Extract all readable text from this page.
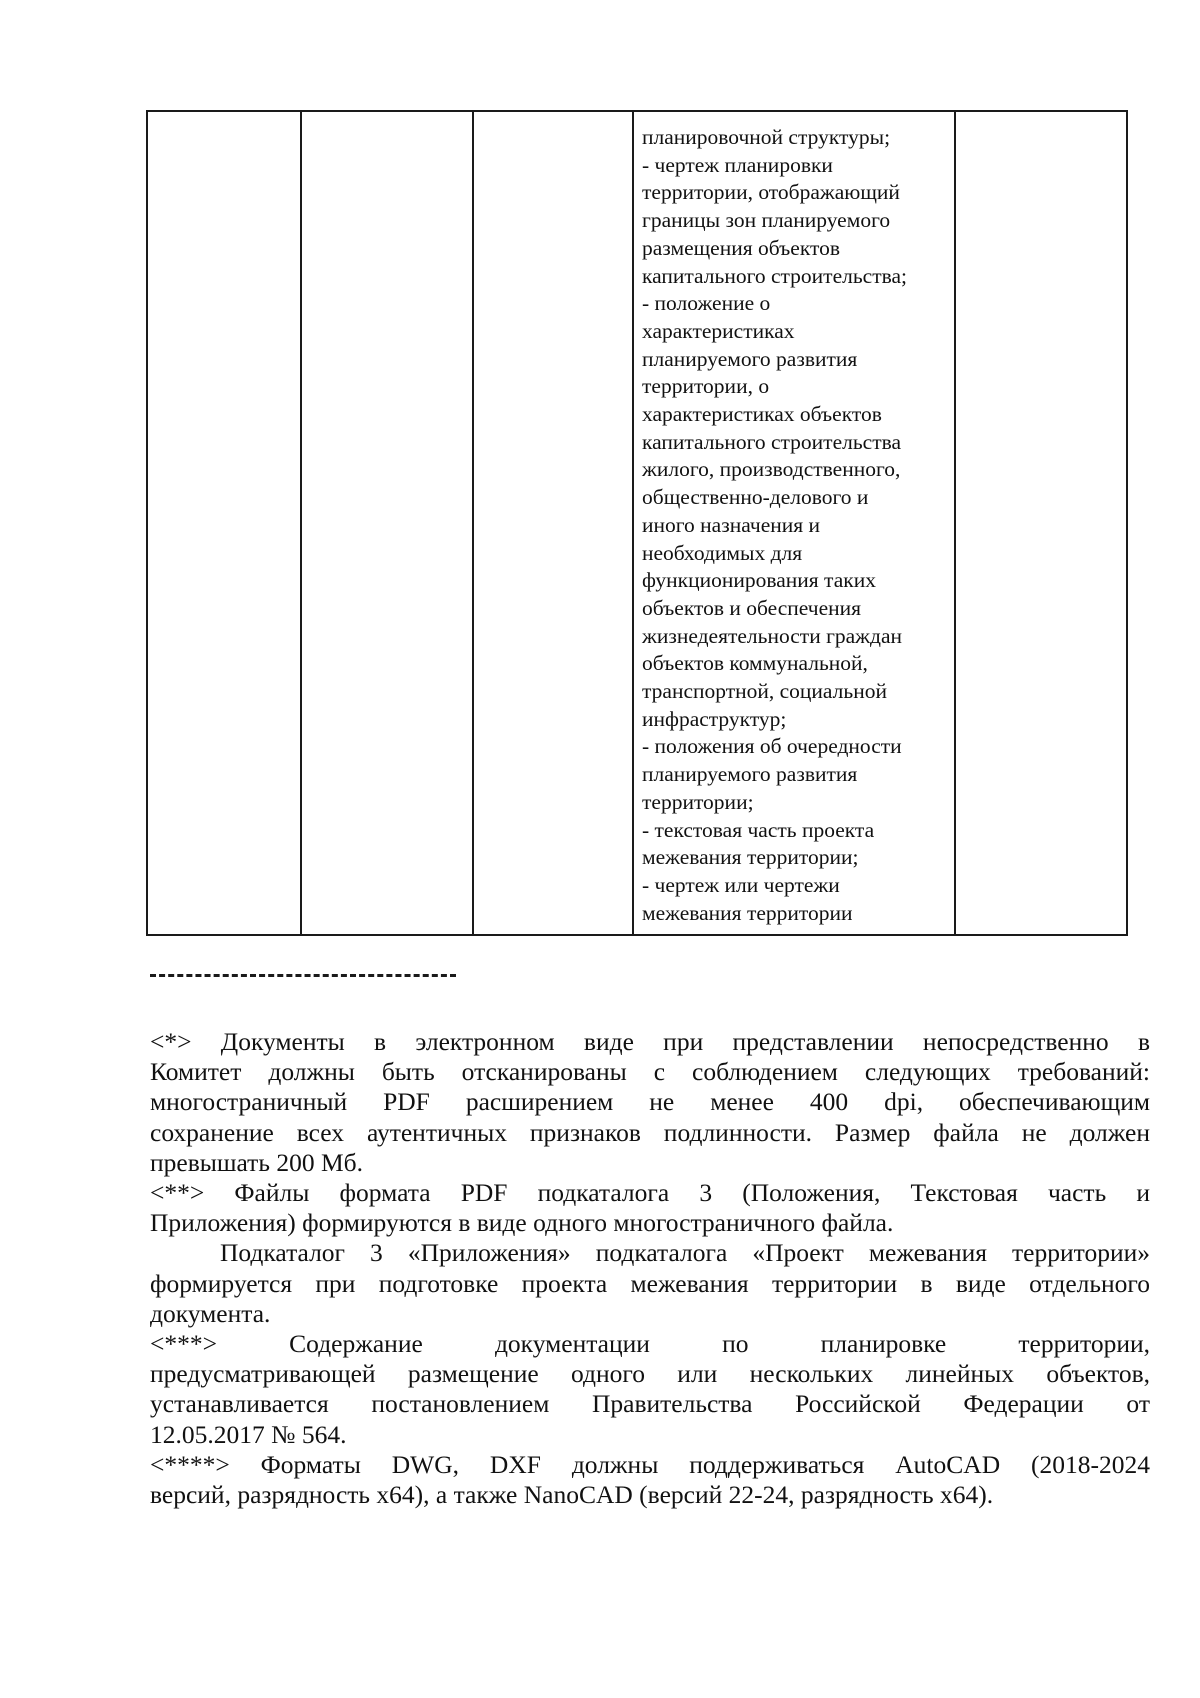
планировочной структуры;
- чертеж планировки
территории, отображающий
границы зон планируемого
размещения объектов
капитального строительства;
- положение о
характеристиках
планируемого развития
территории, о
характеристиках объектов
капитального строительства
жилого, производственного,
общественно-делового и
иного назначения и
необходимых для
функционирования таких
объектов и обеспечения
жизнедеятельности граждан
объектов коммунальной,
транспортной, социальной
инфраструктур;
- положения об очередности
планируемого развития
территории;
- текстовая часть проекта
межевания территории;
- чертеж или чертежи
межевания территории

<*> Документы в электронном виде при представлении непосредственно в
Комитет должны быть отсканированы с соблюдением следующих требований:
многостраничный PDF расширением не менее 400 dpi, обеспечивающим
сохранение всех аутентичных признаков подлинности. Размер файла не должен
превышать 200 Мб.

<**> Файлы формата PDF подкаталога 3 (Положения, Текстовая часть и
Приложения) формируются в виде одного многостраничного файла.

Подкаталог 3 «Приложения» подкаталога «Проект межевания территории»
формируется при подготовке проекта межевания территории в виде отдельного
документа.

<***> Содержание документации по планировке территории,
предусматривающей размещение одного или нескольких линейных объектов,
устанавливается постановлением Правительства Российской Федерации от
12.05.2017 № 564.

<****> Форматы DWG, DXF должны поддерживаться AutoCAD (2018-2024
версий, разрядность х64), а также NanoCAD (версий 22-24, разрядность х64).
